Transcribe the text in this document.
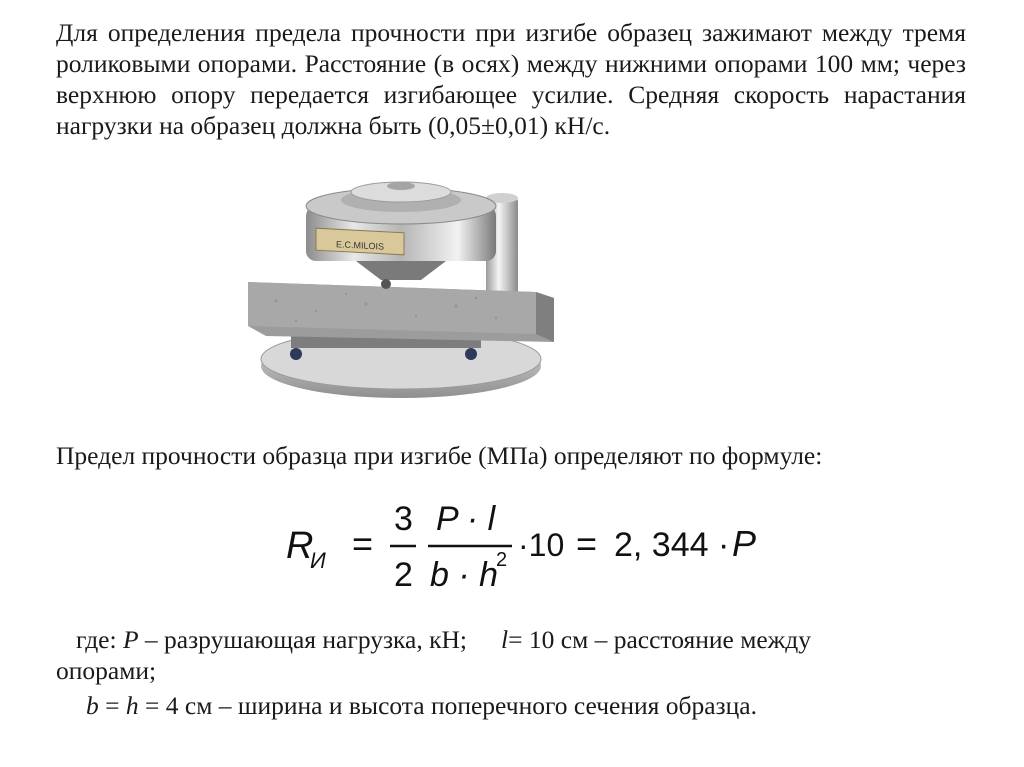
Для определения предела прочности при изгибе образец зажимают между тремя роликовыми опорами. Расстояние (в осях) между нижними опорами 100 мм; через верхнюю опору передается изгибающее усилие. Средняя скорость нарастания нагрузки на образец должна быть (0,05±0,01) кН/с.

E.C.MILOIS

Предел прочности образца при изгибе (МПа) определяют по формуле:

R
И =
3
2
P · l
b · h
2 ·10 = 2, 344 · P

где: P – разрушающая нагрузка, кН; l= 10 см – расстояние между

опорами;

b = h = 4 см – ширина и высота поперечного сечения образца.
